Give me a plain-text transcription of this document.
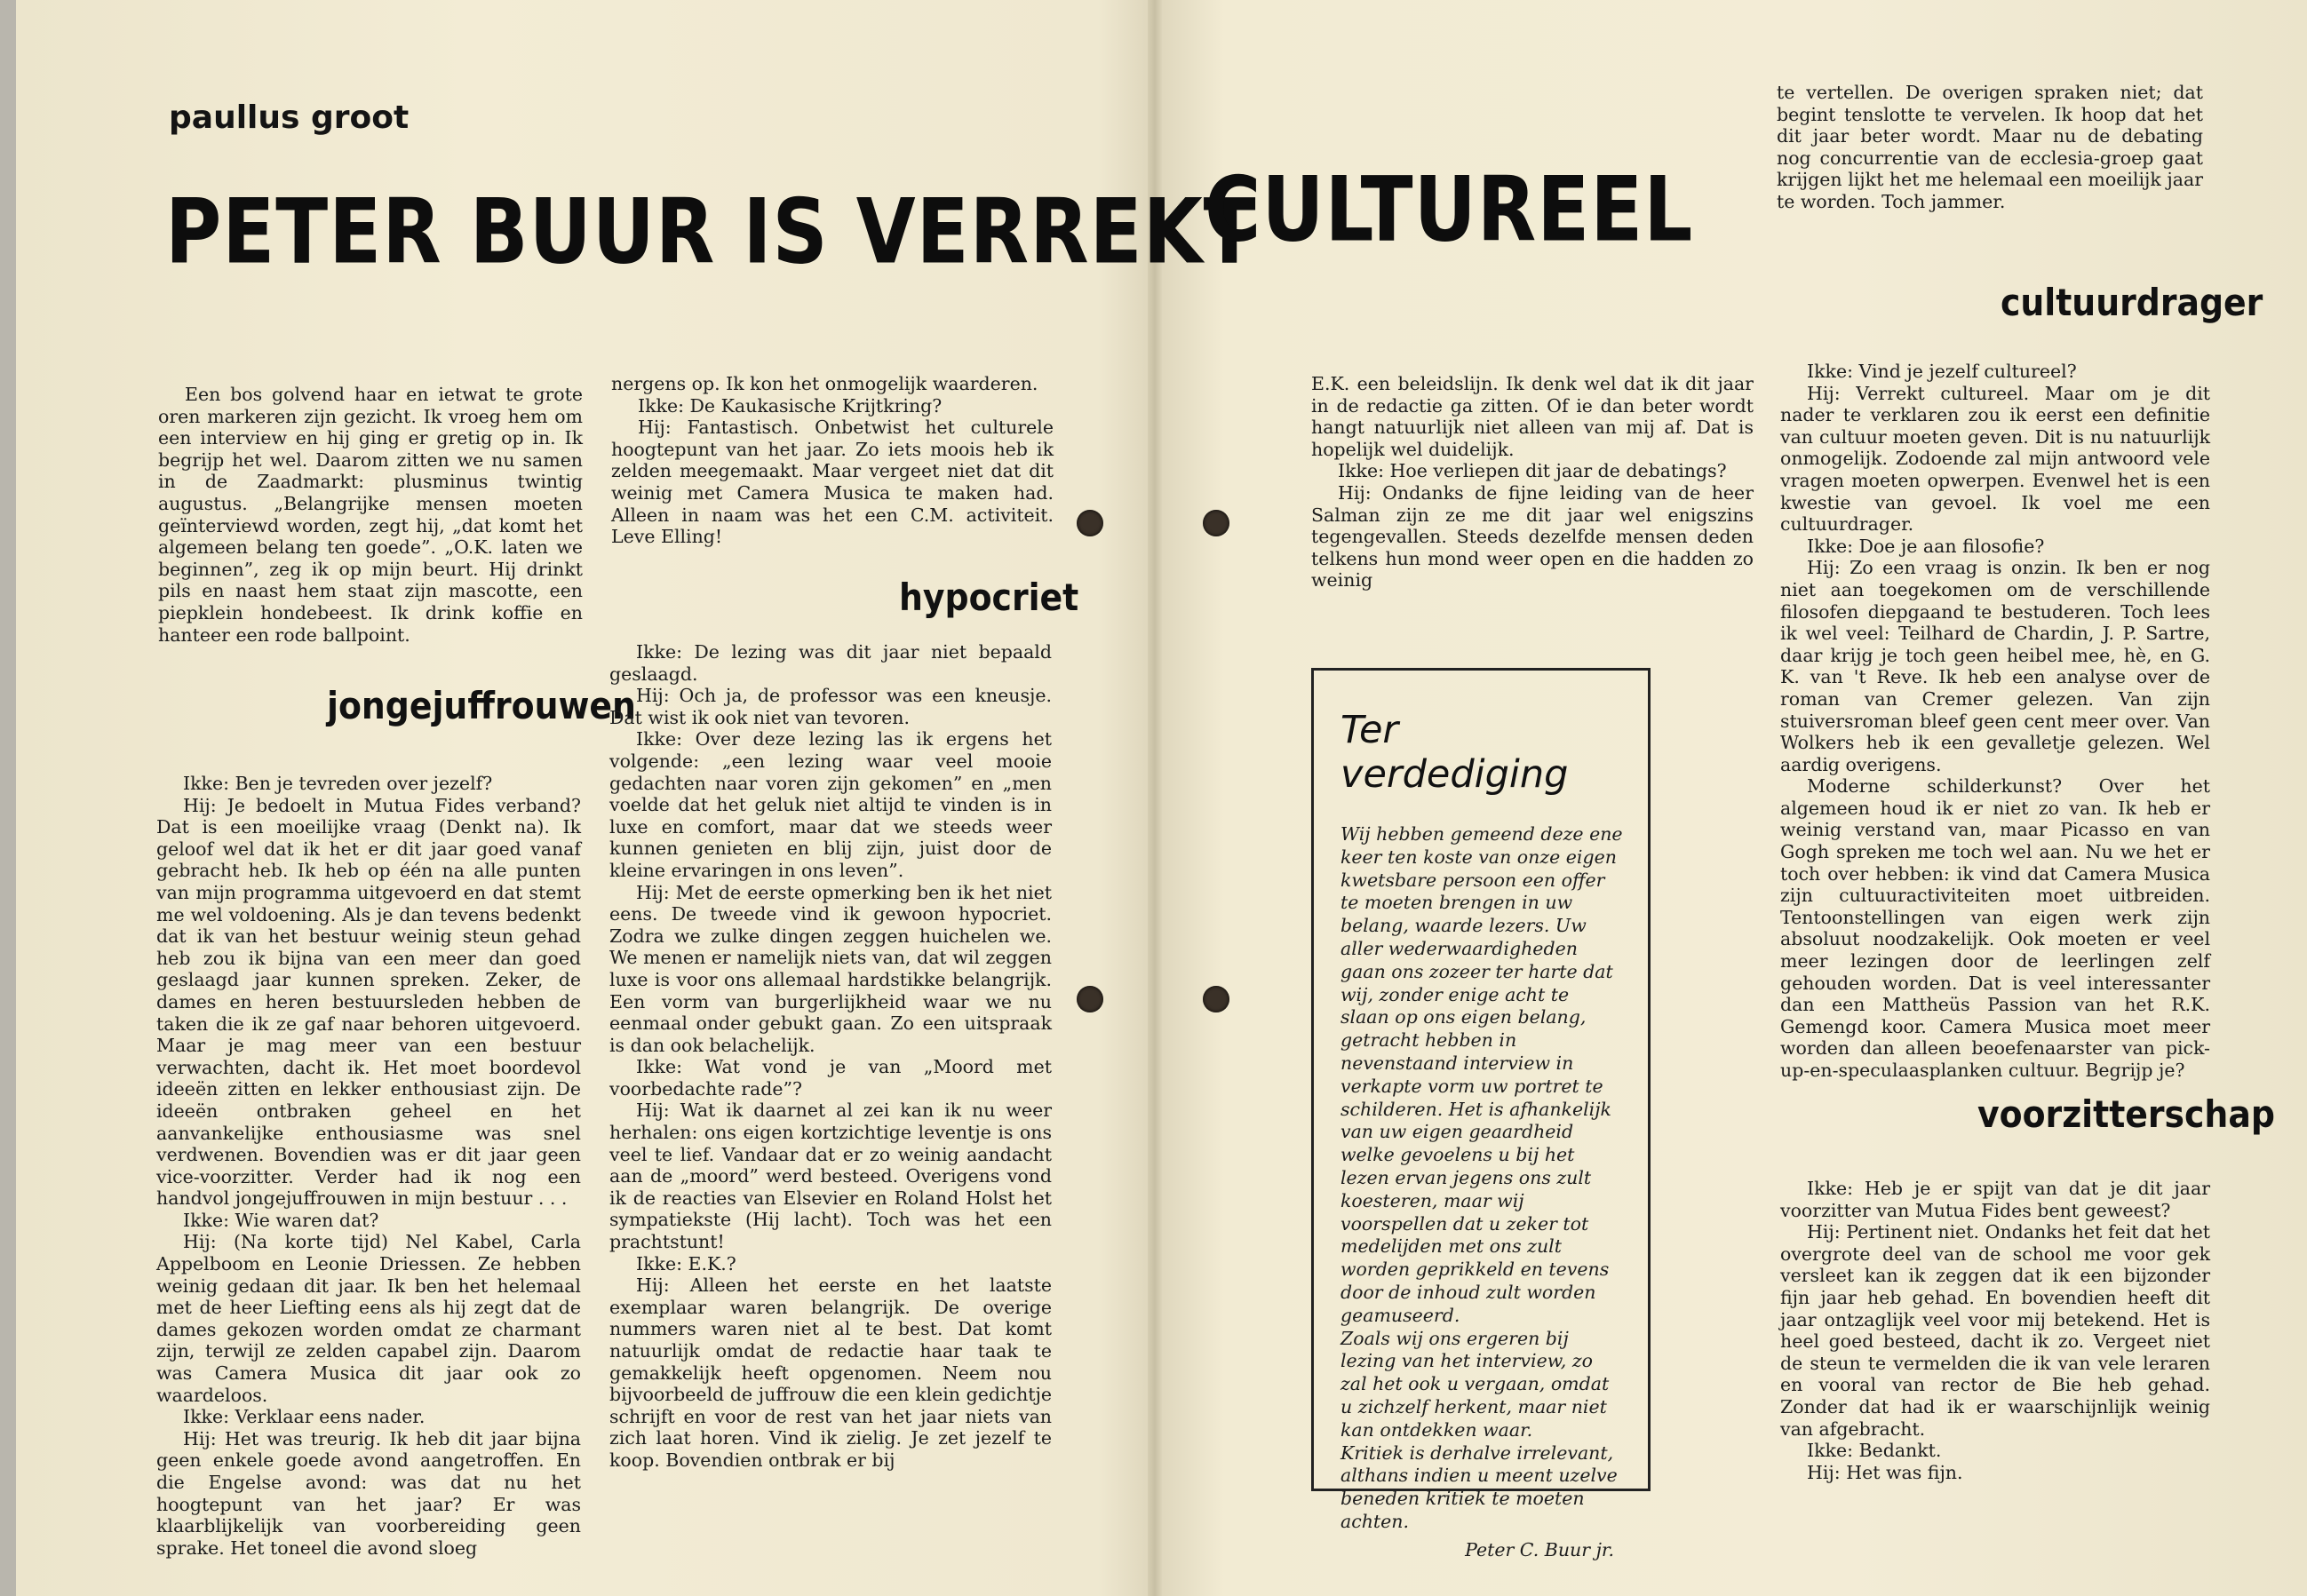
paullus groot
PETER BUUR IS VERREKT

Een bos golvend haar en ietwat te grote oren markeren zijn gezicht. Ik vroeg hem om een interview en hij ging er gretig op in. Ik begrijp het wel. Daarom zitten we nu samen in de Zaadmarkt: plusminus twintig augustus. „Belangrijke mensen moeten geïnterviewd worden, zegt hij, „dat komt het algemeen belang ten goede”. „O.K. laten we beginnen”, zeg ik op mijn beurt. Hij drinkt pils en naast hem staat zijn mascotte, een piepklein hondebeest. Ik drink koffie en hanteer een rode ballpoint.

jongejuffrouwen

Ikke: Ben je tevreden over jezelf?

Hij: Je bedoelt in Mutua Fides verband? Dat is een moeilijke vraag (Denkt na). Ik geloof wel dat ik het er dit jaar goed vanaf gebracht heb. Ik heb op één na alle punten van mijn programma uitgevoerd en dat stemt me wel voldoening. Als je dan tevens bedenkt dat ik van het bestuur weinig steun gehad heb zou ik bijna van een meer dan goed geslaagd jaar kunnen spreken. Zeker, de dames en heren bestuursleden hebben de taken die ik ze gaf naar behoren uitgevoerd. Maar je mag meer van een bestuur verwachten, dacht ik. Het moet boordevol ideeën zitten en lekker enthousiast zijn. De ideeën ontbraken geheel en het aanvankelijke enthousiasme was snel verdwenen. Bovendien was er dit jaar geen vice-voorzitter. Verder had ik nog een handvol jongejuffrouwen in mijn bestuur . . .

Ikke: Wie waren dat?

Hij: (Na korte tijd) Nel Kabel, Carla Appelboom en Leonie Driessen. Ze hebben weinig gedaan dit jaar. Ik ben het helemaal met de heer Liefting eens als hij zegt dat de dames gekozen worden omdat ze charmant zijn, terwijl ze zelden capabel zijn. Daarom was Camera Musica dit jaar ook zo waardeloos.

Ikke: Verklaar eens nader.

Hij: Het was treurig. Ik heb dit jaar bijna geen enkele goede avond aangetroffen. En die Engelse avond: was dat nu het hoogtepunt van het jaar? Er was klaarblijkelijk van voorbereiding geen sprake. Het toneel die avond sloeg

nergens op. Ik kon het onmogelijk waarderen.

Ikke: De Kaukasische Krijtkring?

Hij: Fantastisch. Onbetwist het culturele hoogtepunt van het jaar. Zo iets moois heb ik zelden meegemaakt. Maar vergeet niet dat dit weinig met Camera Musica te maken had. Alleen in naam was het een C.M. activiteit. Leve Elling!

hypocriet

Ikke: De lezing was dit jaar niet bepaald geslaagd.

Hij: Och ja, de professor was een kneusje. Dat wist ik ook niet van tevoren.

Ikke: Over deze lezing las ik ergens het volgende: „een lezing waar veel mooie gedachten naar voren zijn gekomen” en „men voelde dat het geluk niet altijd te vinden is in luxe en comfort, maar dat we steeds weer kunnen genieten en blij zijn, juist door de kleine ervaringen in ons leven”.

Hij: Met de eerste opmerking ben ik het niet eens. De tweede vind ik gewoon hypocriet. Zodra we zulke dingen zeggen huichelen we. We menen er namelijk niets van, dat wil zeggen luxe is voor ons allemaal hardstikke belangrijk. Een vorm van burgerlijkheid waar we nu eenmaal onder gebukt gaan. Zo een uitspraak is dan ook belachelijk.

Ikke: Wat vond je van „Moord met voorbedachte rade”?

Hij: Wat ik daarnet al zei kan ik nu weer herhalen: ons eigen kortzichtige leventje is ons veel te lief. Vandaar dat er zo weinig aandacht aan de „moord” werd besteed. Overigens vond ik de reacties van Elsevier en Roland Holst het sympatiekste (Hij lacht). Toch was het een prachtstunt!

Ikke: E.K.?

Hij: Alleen het eerste en het laatste exemplaar waren belangrijk. De overige nummers waren niet al te best. Dat komt natuurlijk omdat de redactie haar taak te gemakkelijk heeft opgenomen. Neem nou bijvoorbeeld de juffrouw die een klein gedichtje schrijft en voor de rest van het jaar niets van zich laat horen. Vind ik zielig. Je zet jezelf te koop. Bovendien ontbrak er bij

CULTUREEL

E.K. een beleidslijn. Ik denk wel dat ik dit jaar in de redactie ga zitten. Of ie dan beter wordt hangt natuurlijk niet alleen van mij af. Dat is hopelijk wel duidelijk.

Ikke: Hoe verliepen dit jaar de debatings?

Hij: Ondanks de fijne leiding van de heer Salman zijn ze me dit jaar wel enigszins tegengevallen. Steeds dezelfde mensen deden telkens hun mond weer open en die hadden zo weinig

Ter verdediging

Wij hebben gemeend deze ene keer ten koste van onze eigen kwetsbare persoon een offer te moeten brengen in uw belang, waarde lezers. Uw aller wederwaardigheden gaan ons zozeer ter harte dat wij, zonder enige acht te slaan op ons eigen belang, getracht hebben in nevenstaand interview in verkapte vorm uw portret te schilderen. Het is afhankelijk van uw eigen geaardheid welke gevoelens u bij het lezen ervan jegens ons zult koesteren, maar wij voorspellen dat u zeker tot medelijden met ons zult worden geprikkeld en tevens door de inhoud zult worden geamuseerd.

Zoals wij ons ergeren bij lezing van het interview, zo zal het ook u vergaan, omdat u zichzelf herkent, maar niet kan ontdekken waar.

Kritiek is derhalve irrelevant, althans indien u meent uzelve beneden kritiek te moeten achten.

Peter C. Buur jr.

te vertellen. De overigen spraken niet; dat begint tenslotte te vervelen. Ik hoop dat het dit jaar beter wordt. Maar nu de debating nog concurrentie van de ecclesia-groep gaat krijgen lijkt het me helemaal een moeilijk jaar te worden. Toch jammer.

cultuurdrager

Ikke: Vind je jezelf cultureel?

Hij: Verrekt cultureel. Maar om je dit nader te verklaren zou ik eerst een definitie van cultuur moeten geven. Dit is nu natuurlijk onmogelijk. Zodoende zal mijn antwoord vele vragen moeten opwerpen. Evenwel het is een kwestie van gevoel. Ik voel me een cultuurdrager.

Ikke: Doe je aan filosofie?

Hij: Zo een vraag is onzin. Ik ben er nog niet aan toegekomen om de verschillende filosofen diepgaand te bestuderen. Toch lees ik wel veel: Teilhard de Chardin, J. P. Sartre, daar krijg je toch geen heibel mee, hè, en G. K. van 't Reve. Ik heb een analyse over de roman van Cremer gelezen. Van zijn stuiversroman bleef geen cent meer over. Van Wolkers heb ik een gevalletje gelezen. Wel aardig overigens.

Moderne schilderkunst? Over het algemeen houd ik er niet zo van. Ik heb er weinig verstand van, maar Picasso en van Gogh spreken me toch wel aan. Nu we het er toch over hebben: ik vind dat Camera Musica zijn cultuuractiviteiten moet uitbreiden. Tentoonstellingen van eigen werk zijn absoluut noodzakelijk. Ook moeten er veel meer lezingen door de leerlingen zelf gehouden worden. Dat is veel interessanter dan een Mattheüs Passion van het R.K. Gemengd koor. Camera Musica moet meer worden dan alleen beoefenaarster van pick-up-en-speculaasplanken cultuur. Begrijp je?

voorzitterschap

Ikke: Heb je er spijt van dat je dit jaar voorzitter van Mutua Fides bent geweest?

Hij: Pertinent niet. Ondanks het feit dat het overgrote deel van de school me voor gek versleet kan ik zeggen dat ik een bijzonder fijn jaar heb gehad. En bovendien heeft dit jaar ontzaglijk veel voor mij betekend. Het is heel goed besteed, dacht ik zo. Vergeet niet de steun te vermelden die ik van vele leraren en vooral van rector de Bie heb gehad. Zonder dat had ik er waarschijnlijk weinig van afgebracht.

Ikke: Bedankt.

Hij: Het was fijn.
